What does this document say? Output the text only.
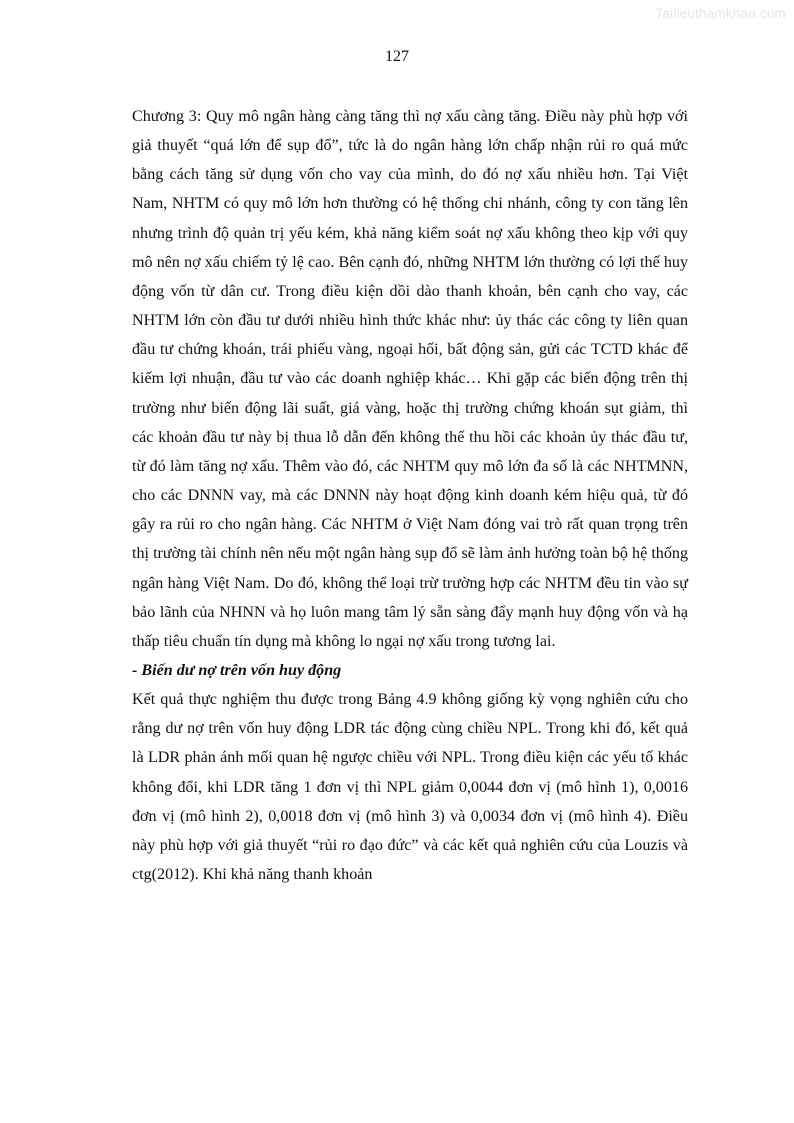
Tailieuthamkhao.com
127

Chương 3: Quy mô ngân hàng càng tăng thì nợ xấu càng tăng. Điều này phù hợp với giả thuyết “quá lớn để sụp đổ”, tức là do ngân hàng lớn chấp nhận rủi ro quá mức bằng cách tăng sử dụng vốn cho vay của mình, do đó nợ xấu nhiều hơn. Tại Việt Nam, NHTM có quy mô lớn hơn thường có hệ thống chi nhánh, công ty con tăng lên nhưng trình độ quản trị yếu kém, khả năng kiểm soát nợ xấu không theo kịp với quy mô nên nợ xấu chiếm tỷ lệ cao. Bên cạnh đó, những NHTM lớn thường có lợi thế huy động vốn từ dân cư. Trong điều kiện dồi dào thanh khoản, bên cạnh cho vay, các NHTM lớn còn đầu tư dưới nhiều hình thức khác như: ủy thác các công ty liên quan đầu tư chứng khoán, trái phiếu vàng, ngoại hối, bất động sản, gửi các TCTD khác để kiếm lợi nhuận, đầu tư vào các doanh nghiệp khác… Khi gặp các biến động trên thị trường như biến động lãi suất, giá vàng, hoặc thị trường chứng khoán sụt giảm, thì các khoản đầu tư này bị thua lỗ dẫn đến không thể thu hồi các khoản ủy thác đầu tư, từ đó làm tăng nợ xấu. Thêm vào đó, các NHTM quy mô lớn đa số là các NHTMNN, cho các DNNN vay, mà các DNNN này hoạt động kinh doanh kém hiệu quả, từ đó gây ra rủi ro cho ngân hàng. Các NHTM ở Việt Nam đóng vai trò rất quan trọng trên thị trường tài chính nên nếu một ngân hàng sụp đổ sẽ làm ảnh hưởng toàn bộ hệ thống ngân hàng Việt Nam. Do đó, không thể loại trừ trường hợp các NHTM đều tin vào sự bảo lãnh của NHNN và họ luôn mang tâm lý sẵn sàng đẩy mạnh huy động vốn và hạ thấp tiêu chuẩn tín dụng mà không lo ngại nợ xấu trong tương lai.

- Biến dư nợ trên vốn huy động

Kết quả thực nghiệm thu được trong Bảng 4.9 không giống kỳ vọng nghiên cứu cho rằng dư nợ trên vốn huy động LDR tác động cùng chiều NPL. Trong khi đó, kết quả là LDR phản ánh mối quan hệ ngược chiều với NPL. Trong điều kiện các yếu tố khác không đổi, khi LDR tăng 1 đơn vị thì NPL giảm 0,0044 đơn vị (mô hình 1), 0,0016 đơn vị (mô hình 2), 0,0018 đơn vị (mô hình 3) và 0,0034 đơn vị (mô hình 4). Điều này phù hợp với giả thuyết “rủi ro đạo đức” và các kết quả nghiên cứu của Louzis và ctg(2012). Khi khả năng thanh khoản
